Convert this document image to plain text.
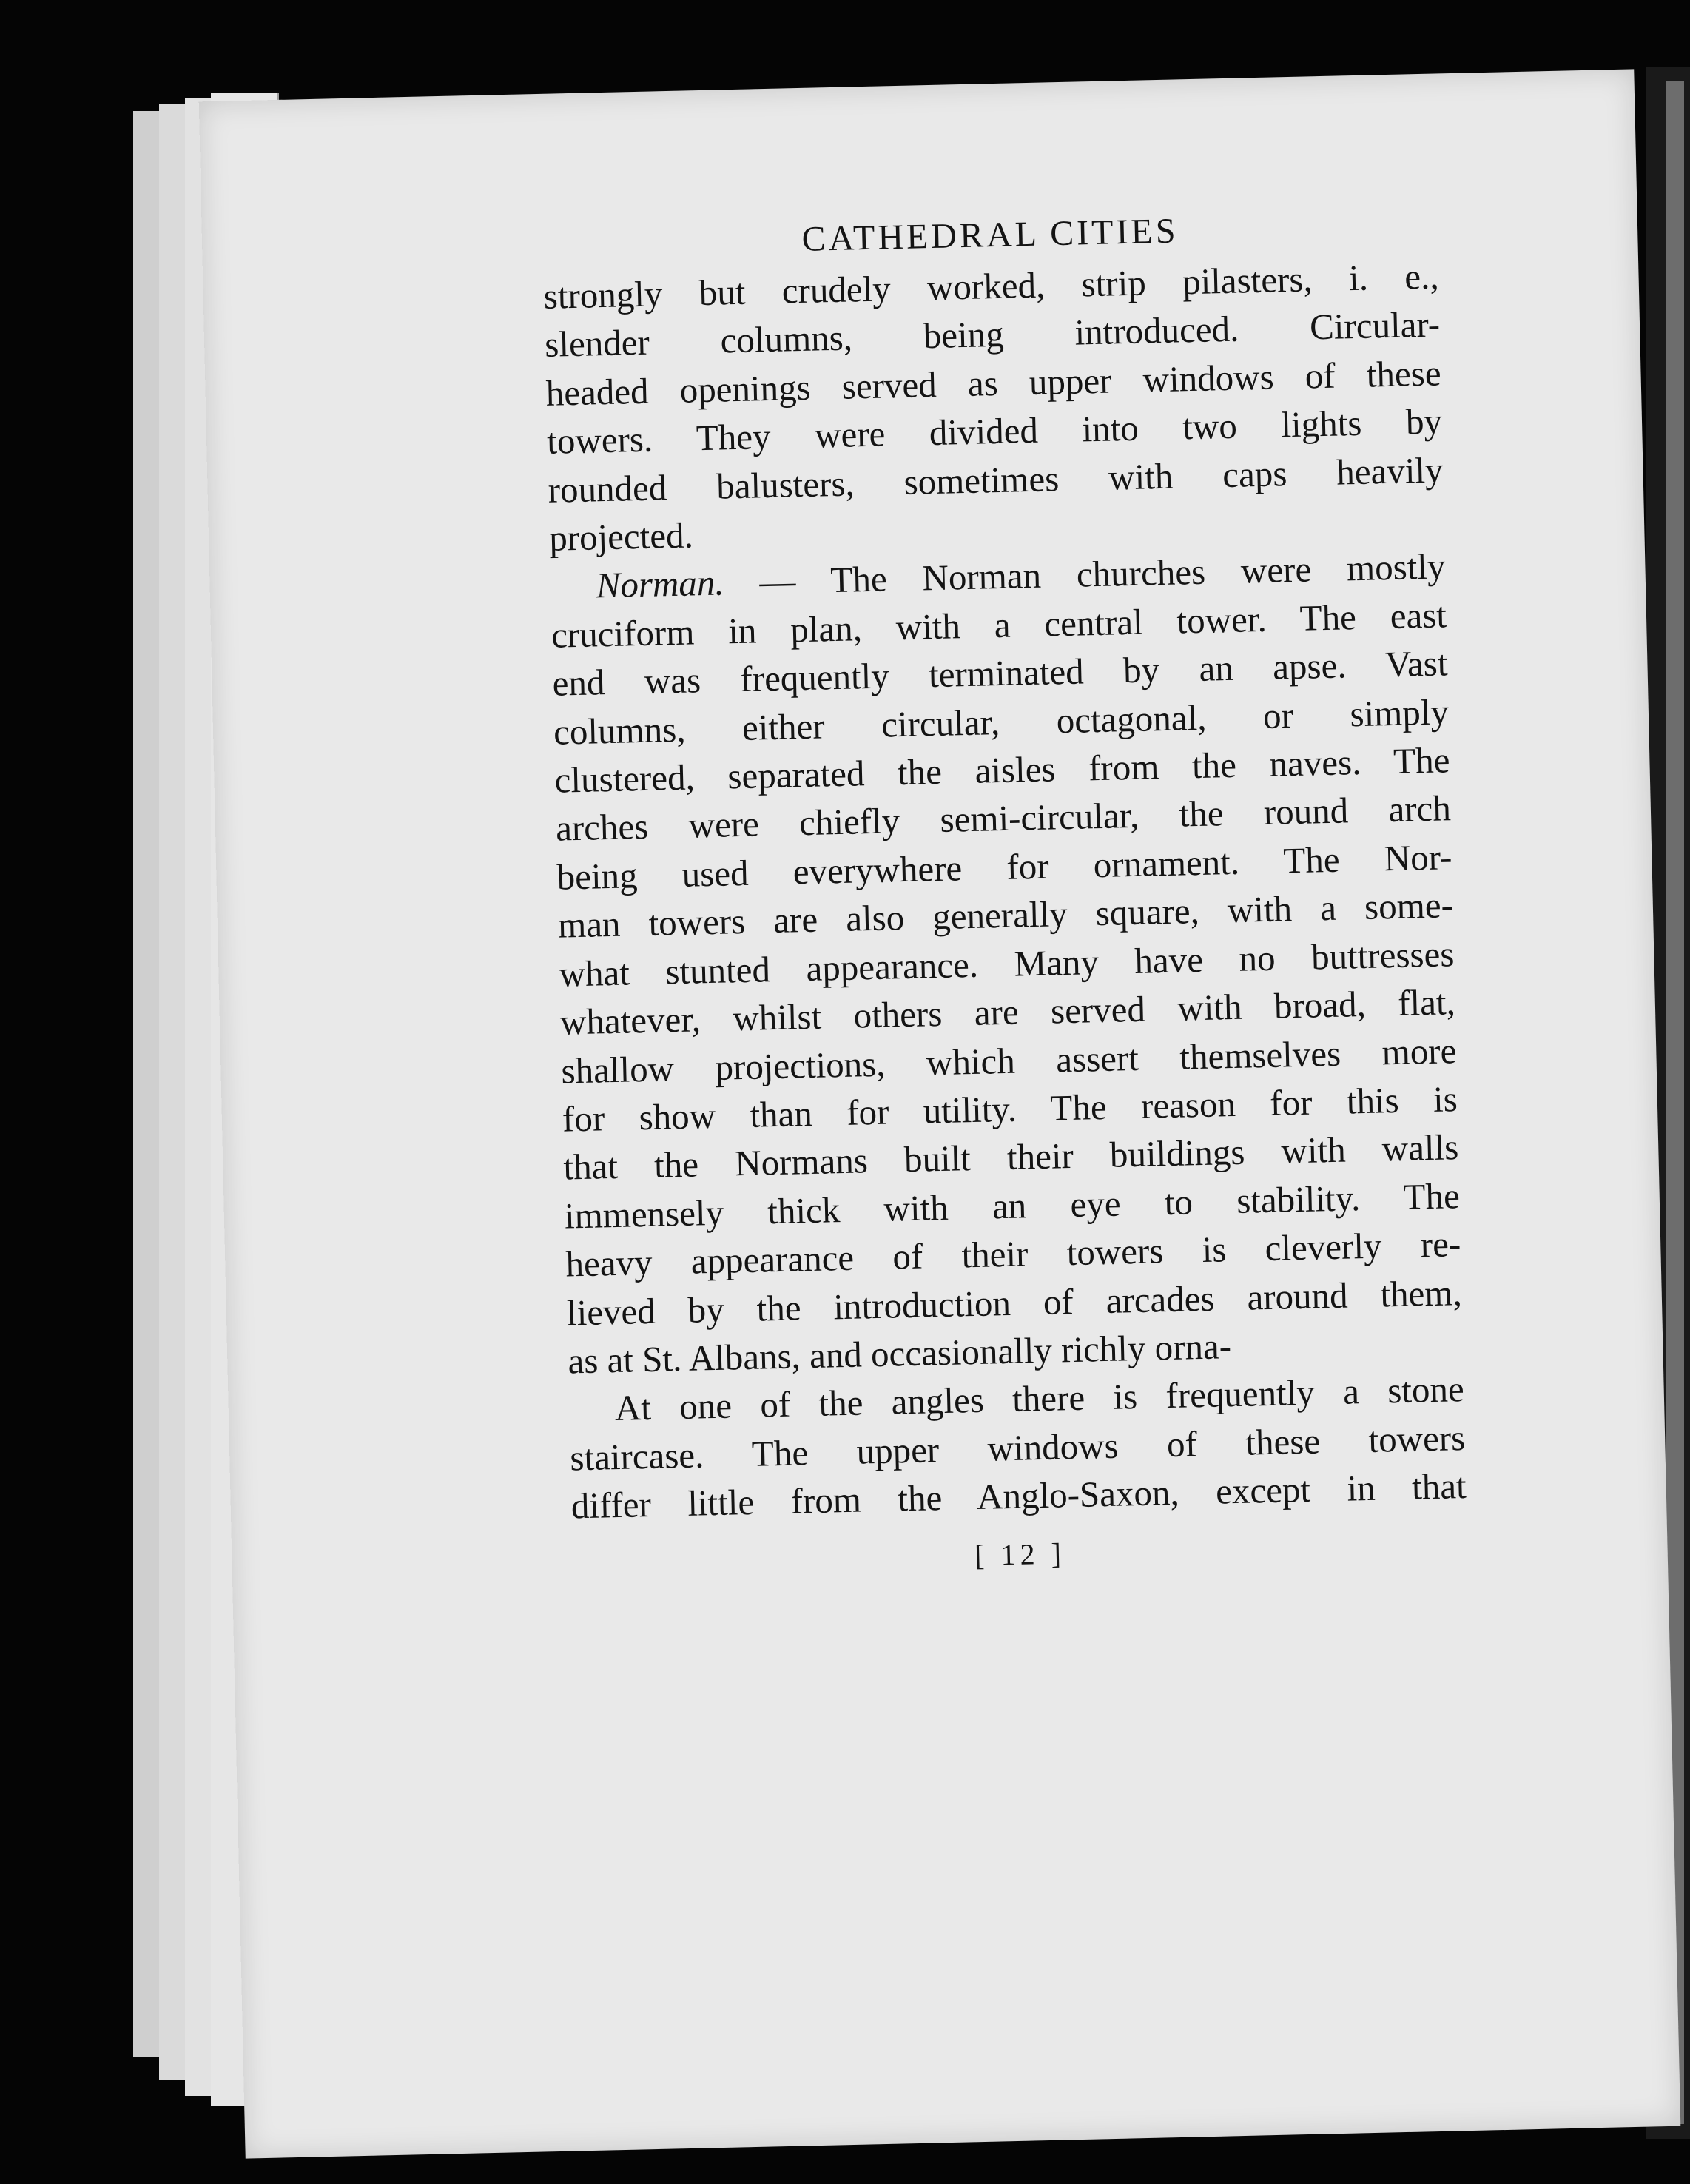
CATHEDRAL CITIES

strongly but crudely worked, strip pilasters, i. e.,
slender columns, being introduced. Circular-
headed openings served as upper windows of these
towers. They were divided into two lights by
rounded balusters, sometimes with caps heavily
projected.

Norman. — The Norman churches were mostly
cruciform in plan, with a central tower. The east
end was frequently terminated by an apse. Vast
columns, either circular, octagonal, or simply
clustered, separated the aisles from the naves. The
arches were chiefly semi-circular, the round arch
being used everywhere for ornament. The Nor-
man towers are also generally square, with a some-
what stunted appearance. Many have no buttresses
whatever, whilst others are served with broad, flat,
shallow projections, which assert themselves more
for show than for utility. The reason for this is
that the Normans built their buildings with walls
immensely thick with an eye to stability. The
heavy appearance of their towers is cleverly re-
lieved by the introduction of arcades around them,
as at St. Albans, and occasionally richly orna-

At one of the angles there is frequently a stone
staircase. The upper windows of these towers
differ little from the Anglo-Saxon, except in that

[ 12 ]
